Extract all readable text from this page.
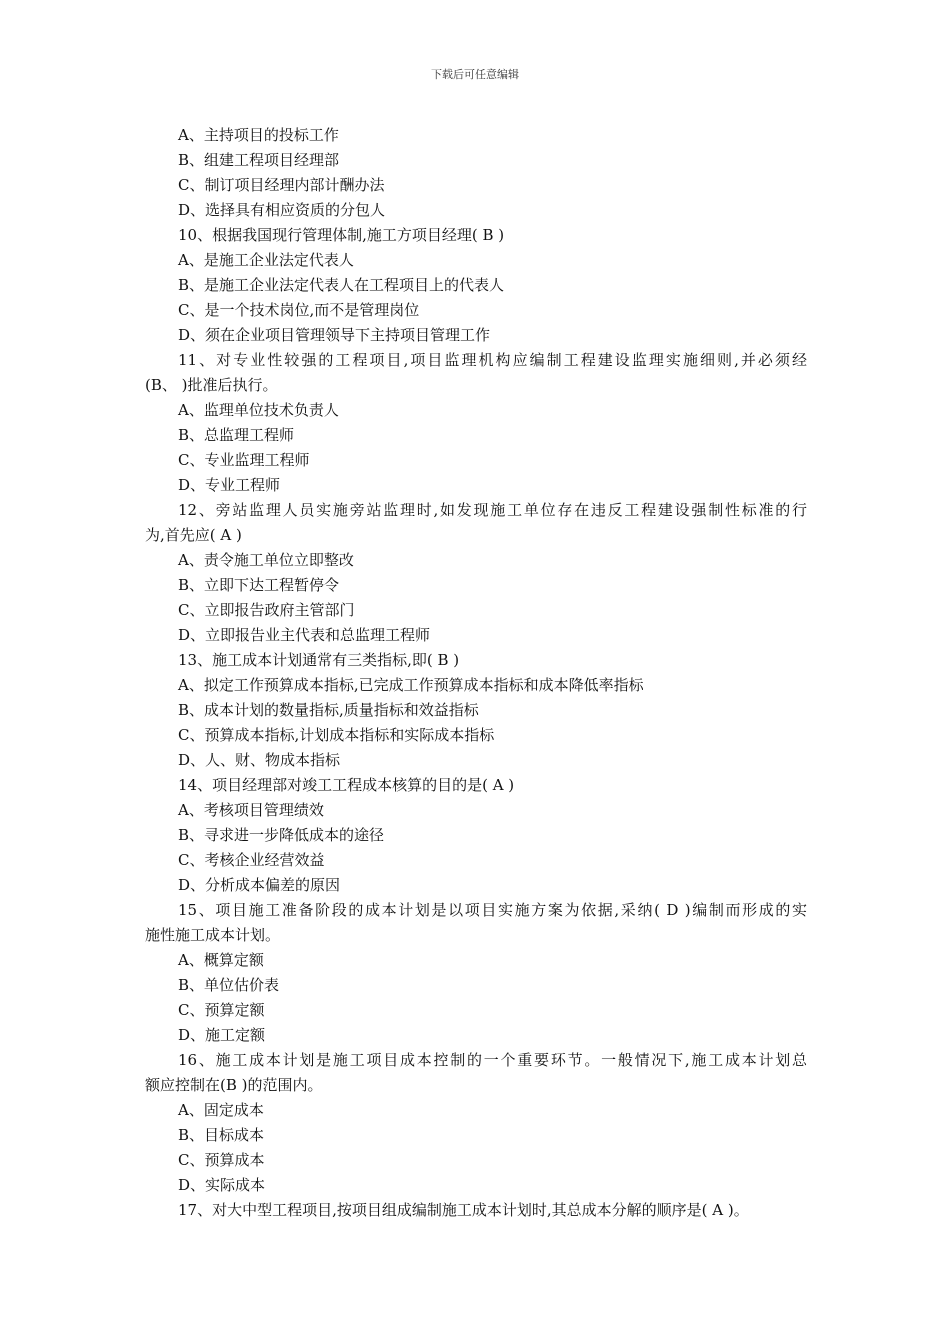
下载后可任意编辑
A、主持项目的投标工作
B、组建工程项目经理部
C、制订项目经理内部计酬办法
D、选择具有相应资质的分包人
10、根据我国现行管理体制,施工方项目经理( B )
A、是施工企业法定代表人
B、是施工企业法定代表人在工程项目上的代表人
C、是一个技术岗位,而不是管理岗位
D、须在企业项目管理领导下主持项目管理工作
11、对专业性较强的工程项目,项目监理机构应编制工程建设监理实施细则,并必须经
(B、 )批准后执行。
A、监理单位技术负责人
B、总监理工程师
C、专业监理工程师
D、专业工程师
12、旁站监理人员实施旁站监理时,如发现施工单位存在违反工程建设强制性标准的行
为,首先应( A )
A、责令施工单位立即整改
B、立即下达工程暂停令
C、立即报告政府主管部门
D、立即报告业主代表和总监理工程师
13、施工成本计划通常有三类指标,即( B )
A、拟定工作预算成本指标,已完成工作预算成本指标和成本降低率指标
B、成本计划的数量指标,质量指标和效益指标
C、预算成本指标,计划成本指标和实际成本指标
D、人、财、物成本指标
14、项目经理部对竣工工程成本核算的目的是( A )
A、考核项目管理绩效
B、寻求进一步降低成本的途径
C、考核企业经营效益
D、分析成本偏差的原因
15、项目施工准备阶段的成本计划是以项目实施方案为依据,采纳( D )编制而形成的实
施性施工成本计划。
A、概算定额
B、单位估价表
C、预算定额
D、施工定额
16、施工成本计划是施工项目成本控制的一个重要环节。一般情况下,施工成本计划总
额应控制在(B )的范围内。
A、固定成本
B、目标成本
C、预算成本
D、实际成本
17、对大中型工程项目,按项目组成编制施工成本计划时,其总成本分解的顺序是( A )。
